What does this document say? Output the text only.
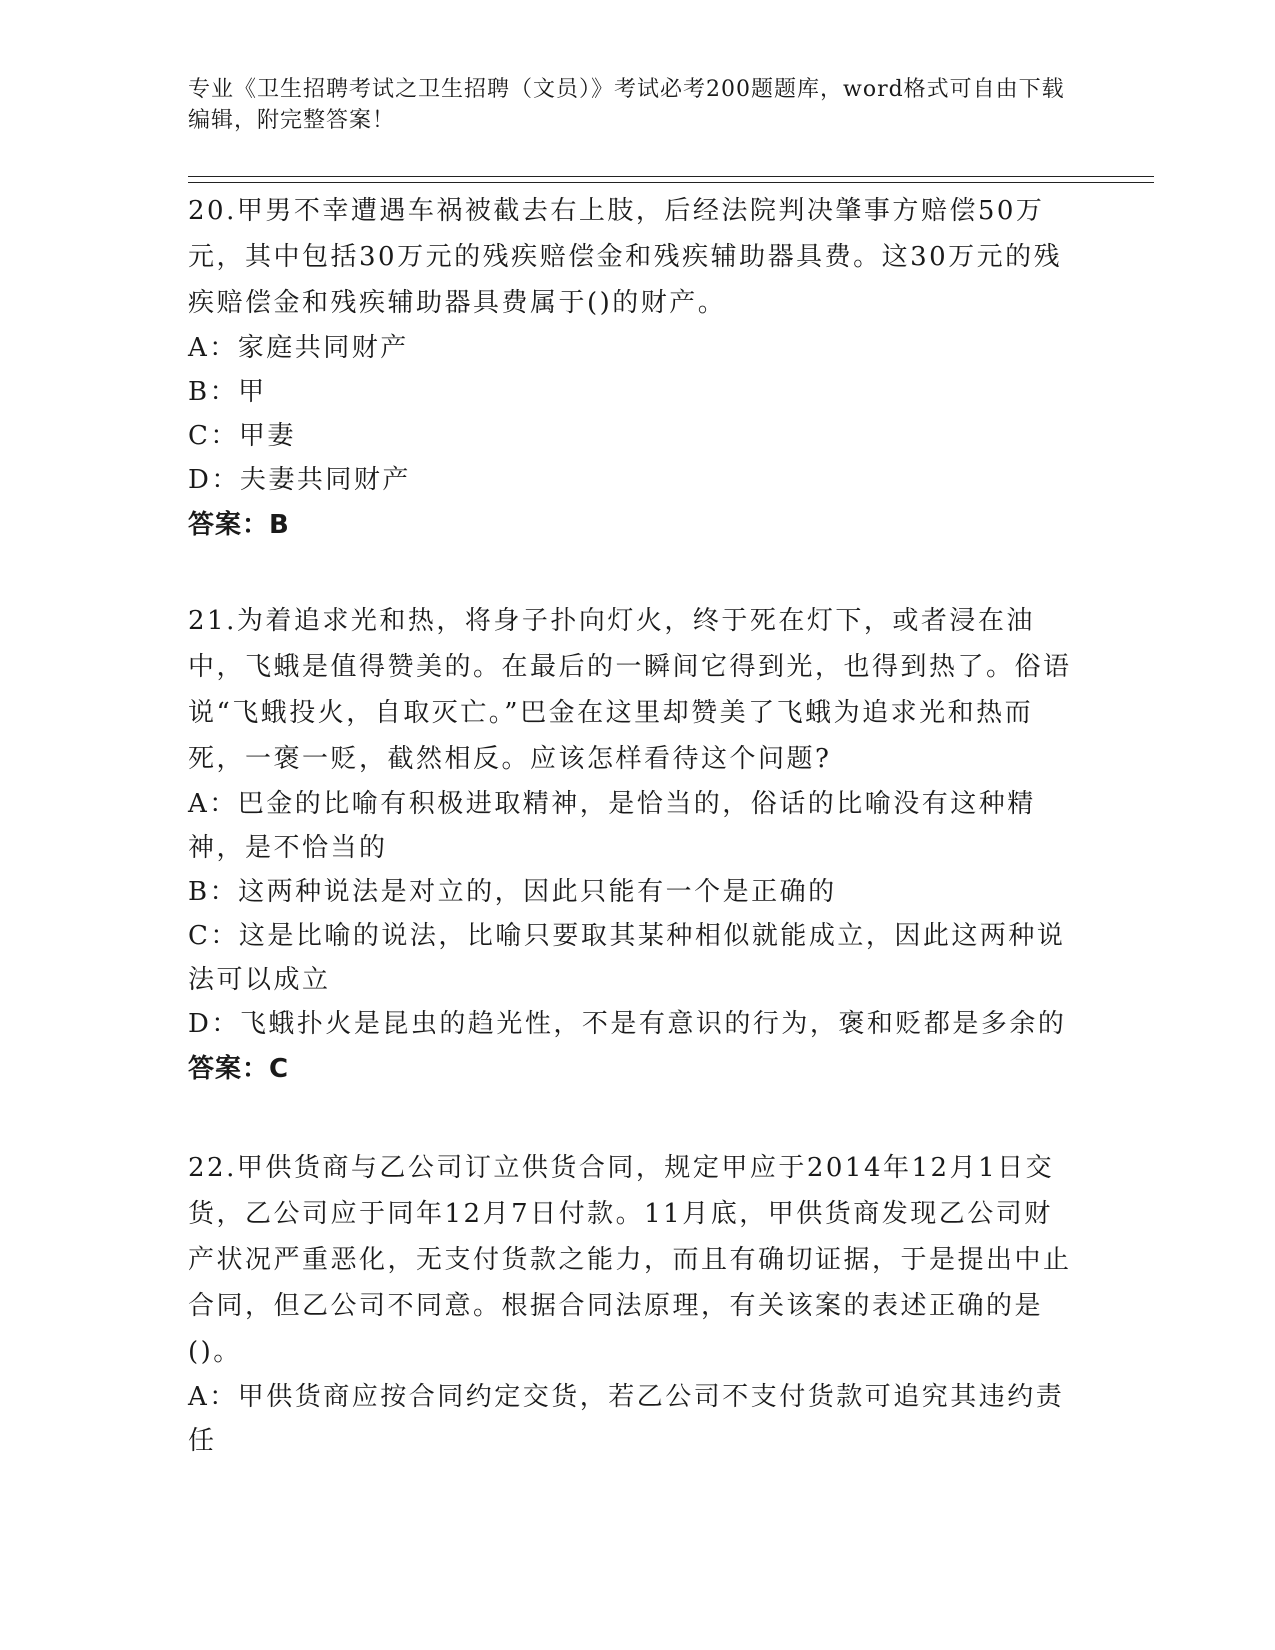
专业《卫生招聘考试之卫生招聘（文员）》考试必考200题题库，word格式可自由下载编辑，附完整答案！
20.甲男不幸遭遇车祸被截去右上肢，后经法院判决肇事方赔偿50万元，其中包括30万元的残疾赔偿金和残疾辅助器具费。这30万元的残疾赔偿金和残疾辅助器具费属于()的财产。
A：家庭共同财产
B：甲
C：甲妻
D：夫妻共同财产
答案：B
21.为着追求光和热，将身子扑向灯火，终于死在灯下，或者浸在油中，飞蛾是值得赞美的。在最后的一瞬间它得到光，也得到热了。俗语说“飞蛾投火，自取灭亡。”巴金在这里却赞美了飞蛾为追求光和热而死，一褒一贬，截然相反。应该怎样看待这个问题?
A：巴金的比喻有积极进取精神，是恰当的，俗话的比喻没有这种精神，是不恰当的
B：这两种说法是对立的，因此只能有一个是正确的
C：这是比喻的说法，比喻只要取其某种相似就能成立，因此这两种说法可以成立
D：飞蛾扑火是昆虫的趋光性，不是有意识的行为，褒和贬都是多余的
答案：C
22.甲供货商与乙公司订立供货合同，规定甲应于2014年12月1日交货，乙公司应于同年12月7日付款。11月底，甲供货商发现乙公司财产状况严重恶化，无支付货款之能力，而且有确切证据，于是提出中止合同，但乙公司不同意。根据合同法原理，有关该案的表述正确的是()。
A：甲供货商应按合同约定交货，若乙公司不支付货款可追究其违约责任
